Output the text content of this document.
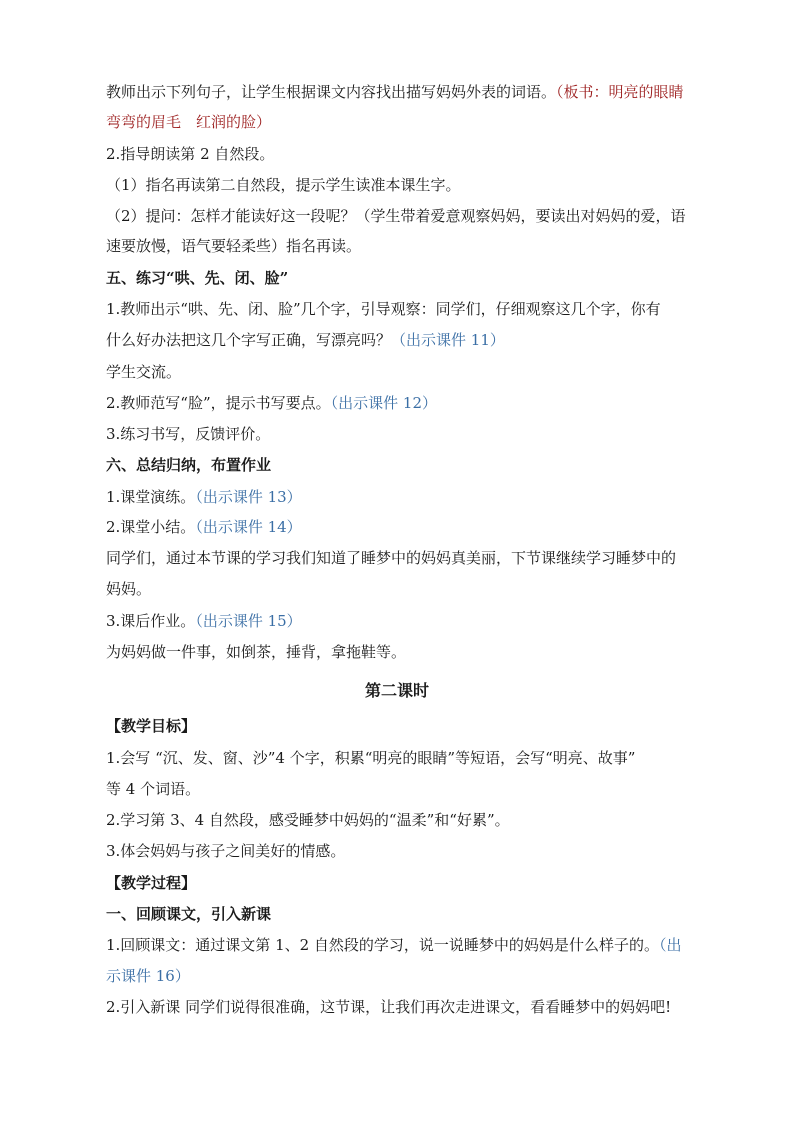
教师出示下列句子，让学生根据课文内容找出描写妈妈外表的词语。（板书：明亮的眼睛
弯弯的眉毛　红润的脸）
2.指导朗读第 2 自然段。
（1）指名再读第二自然段，提示学生读准本课生字。
（2）提问：怎样才能读好这一段呢？（学生带着爱意观察妈妈，要读出对妈妈的爱，语
速要放慢，语气要轻柔些）指名再读。
五、练习“哄、先、闭、脸”
1.教师出示“哄、先、闭、脸”几个字，引导观察：同学们，仔细观察这几个字，你有
什么好办法把这几个字写正确，写漂亮吗？（出示课件 11）
学生交流。
2.教师范写“脸”，提示书写要点。（出示课件 12）
3.练习书写，反馈评价。
六、总结归纳，布置作业
1.课堂演练。（出示课件 13）
2.课堂小结。（出示课件 14）
同学们，通过本节课的学习我们知道了睡梦中的妈妈真美丽，下节课继续学习睡梦中的
妈妈。
3.课后作业。（出示课件 15）
为妈妈做一件事，如倒茶，捶背，拿拖鞋等。
第二课时
【教学目标】
1.会写 “沉、发、窗、沙”4 个字，积累“明亮的眼睛”等短语，会写“明亮、故事”
等 4 个词语。
2.学习第 3、4 自然段，感受睡梦中妈妈的“温柔”和“好累”。
3.体会妈妈与孩子之间美好的情感。
【教学过程】
一、回顾课文，引入新课
1.回顾课文：通过课文第 1、2 自然段的学习，说一说睡梦中的妈妈是什么样子的。（出
示课件 16）
2.引入新课 同学们说得很准确，这节课，让我们再次走进课文，看看睡梦中的妈妈吧!
